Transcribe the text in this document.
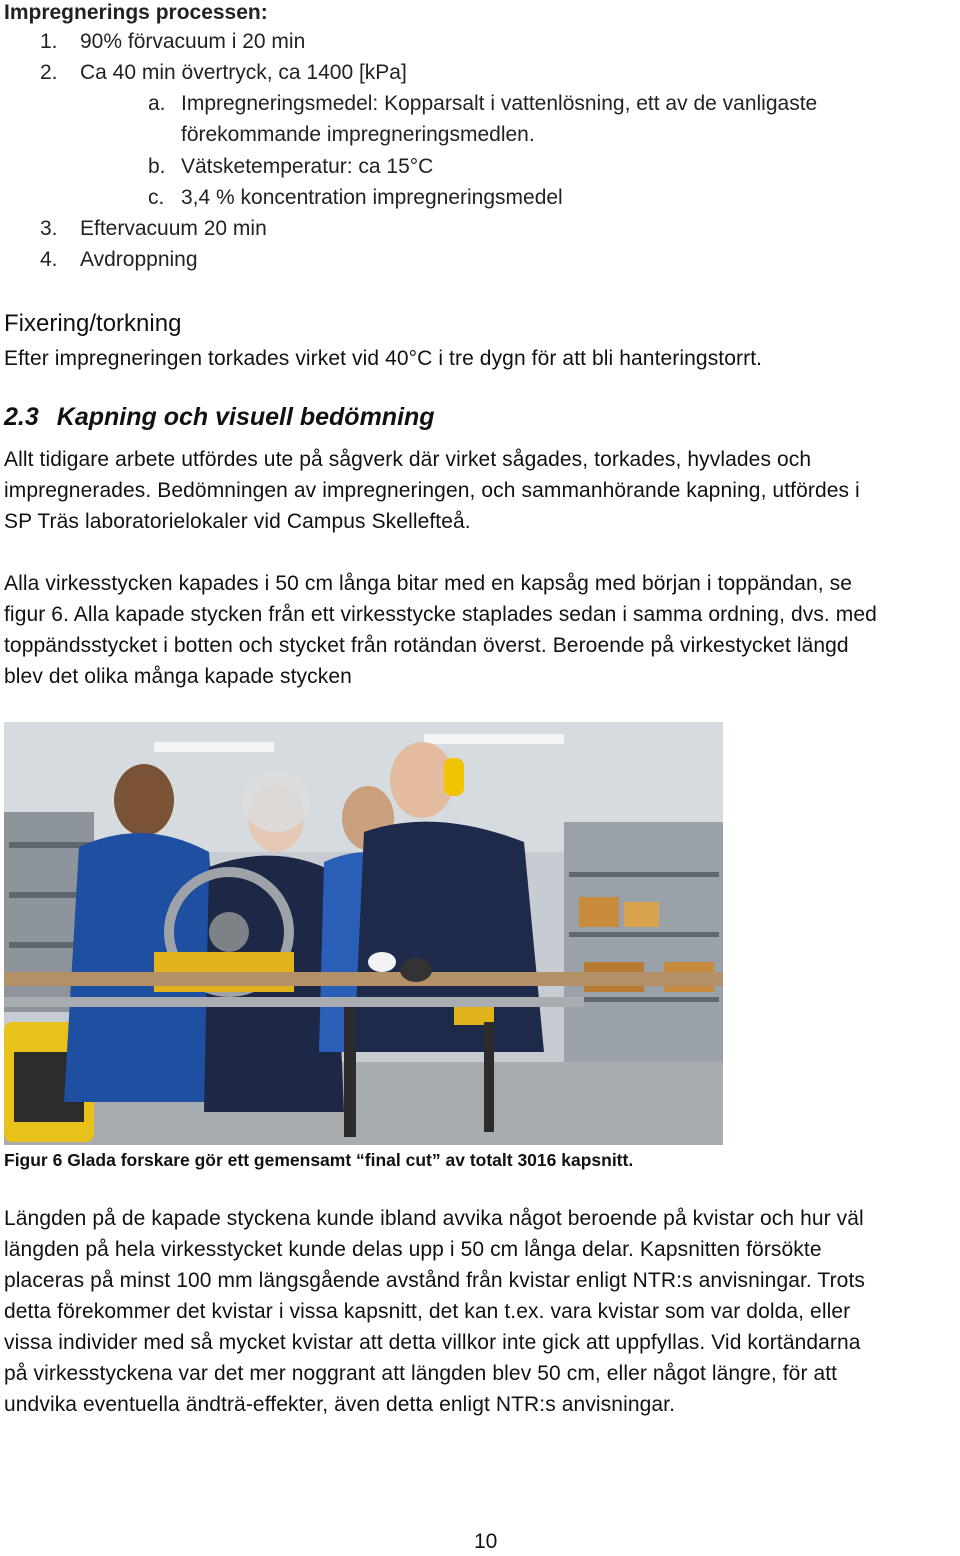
Impregnerings processen:
1. 90% förvacuum i 20 min
2. Ca 40 min övertryck, ca 1400 [kPa]
a. Impregneringsmedel: Kopparsalt i vattenlösning, ett av de vanligaste
förekommande impregneringsmedlen.
b. Vätsketemperatur: ca 15°C
c. 3,4 % koncentration impregneringsmedel
3. Eftervacuum 20 min
4. Avdroppning
Fixering/torkning
Efter impregneringen torkades virket vid 40°C i tre dygn för att bli hanteringstorrt.
2.3 Kapning och visuell bedömning
Allt tidigare arbete utfördes ute på sågverk där virket sågades, torkades, hyvlades och
impregnerades. Bedömningen av impregneringen, och sammanhörande kapning, utfördes i
SP Träs laboratorielokaler vid Campus Skellefteå.
Alla virkesstycken kapades i 50 cm långa bitar med en kapsåg med början i toppändan, se
figur 6. Alla kapade stycken från ett virkesstycke staplades sedan i samma ordning, dvs. med
toppändsstycket i botten och stycket från rotändan överst. Beroende på virkestycket längd
blev det olika många kapade stycken
Figur 6 Glada forskare gör ett gemensamt “final cut” av totalt 3016 kapsnitt.
Längden på de kapade styckena kunde ibland avvika något beroende på kvistar och hur väl
längden på hela virkesstycket kunde delas upp i 50 cm långa delar. Kapsnitten försökte
placeras på minst 100 mm längsgående avstånd från kvistar enligt NTR:s anvisningar. Trots
detta förekommer det kvistar i vissa kapsnitt, det kan t.ex. vara kvistar som var dolda, eller
vissa individer med så mycket kvistar att detta villkor inte gick att uppfyllas. Vid kortändarna
på virkesstyckena var det mer noggrant att längden blev 50 cm, eller något längre, för att
undvika eventuella ändträ-effekter, även detta enligt NTR:s anvisningar.
10
